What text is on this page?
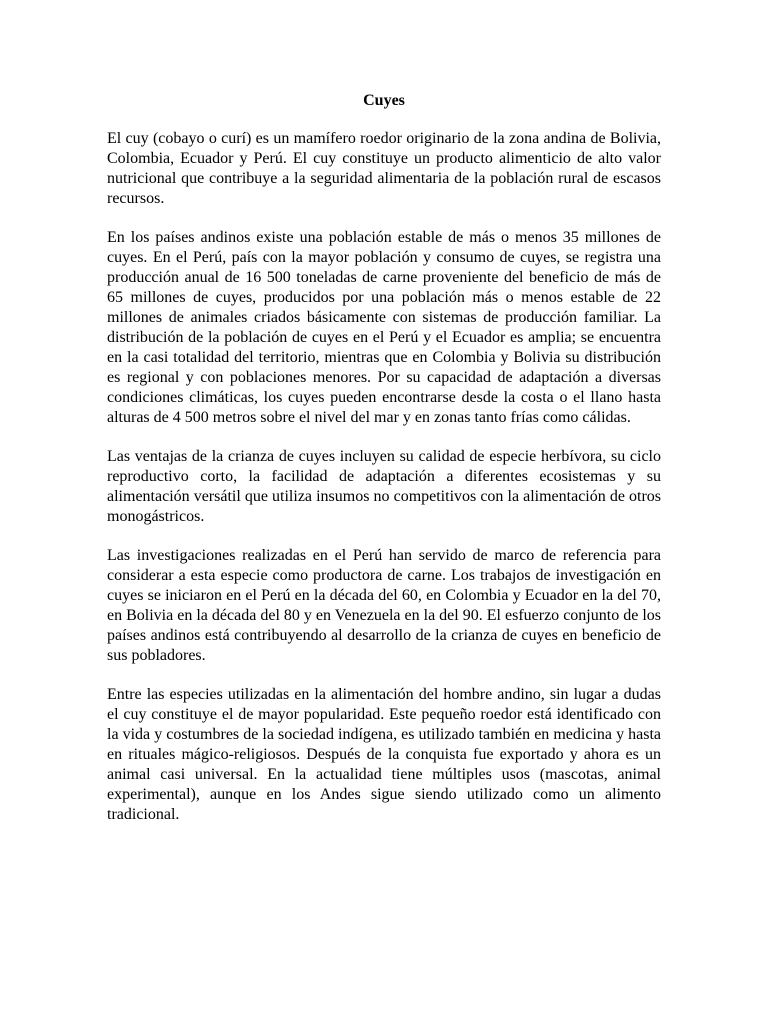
Cuyes

El cuy (cobayo o curí) es un mamífero roedor originario de la zona andina de Bolivia, Colombia, Ecuador y Perú. El cuy constituye un producto alimenticio de alto valor nutricional que contribuye a la seguridad alimentaria de la población rural de escasos recursos.

En los países andinos existe una población estable de más o menos 35 millones de cuyes. En el Perú, país con la mayor población y consumo de cuyes, se registra una producción anual de 16 500 toneladas de carne proveniente del beneficio de más de 65 millones de cuyes, producidos por una población más o menos estable de 22 millones de animales criados básicamente con sistemas de producción familiar. La distribución de la población de cuyes en el Perú y el Ecuador es amplia; se encuentra en la casi totalidad del territorio, mientras que en Colombia y Bolivia su distribución es regional y con poblaciones menores. Por su capacidad de adaptación a diversas condiciones climáticas, los cuyes pueden encontrarse desde la costa o el llano hasta alturas de 4 500 metros sobre el nivel del mar y en zonas tanto frías como cálidas.

Las ventajas de la crianza de cuyes incluyen su calidad de especie herbívora, su ciclo reproductivo corto, la facilidad de adaptación a diferentes ecosistemas y su alimentación versátil que utiliza insumos no competitivos con la alimentación de otros monogástricos.

Las investigaciones realizadas en el Perú han servido de marco de referencia para considerar a esta especie como productora de carne. Los trabajos de investigación en cuyes se iniciaron en el Perú en la década del 60, en Colombia y Ecuador en la del 70, en Bolivia en la década del 80 y en Venezuela en la del 90. El esfuerzo conjunto de los países andinos está contribuyendo al desarrollo de la crianza de cuyes en beneficio de sus pobladores.

Entre las especies utilizadas en la alimentación del hombre andino, sin lugar a dudas el cuy constituye el de mayor popularidad. Este pequeño roedor está identificado con la vida y costumbres de la sociedad indígena, es utilizado también en medicina y hasta en rituales mágico-religiosos. Después de la conquista fue exportado y ahora es un animal casi universal. En la actualidad tiene múltiples usos (mascotas, animal experimental), aunque en los Andes sigue siendo utilizado como un alimento tradicional.
